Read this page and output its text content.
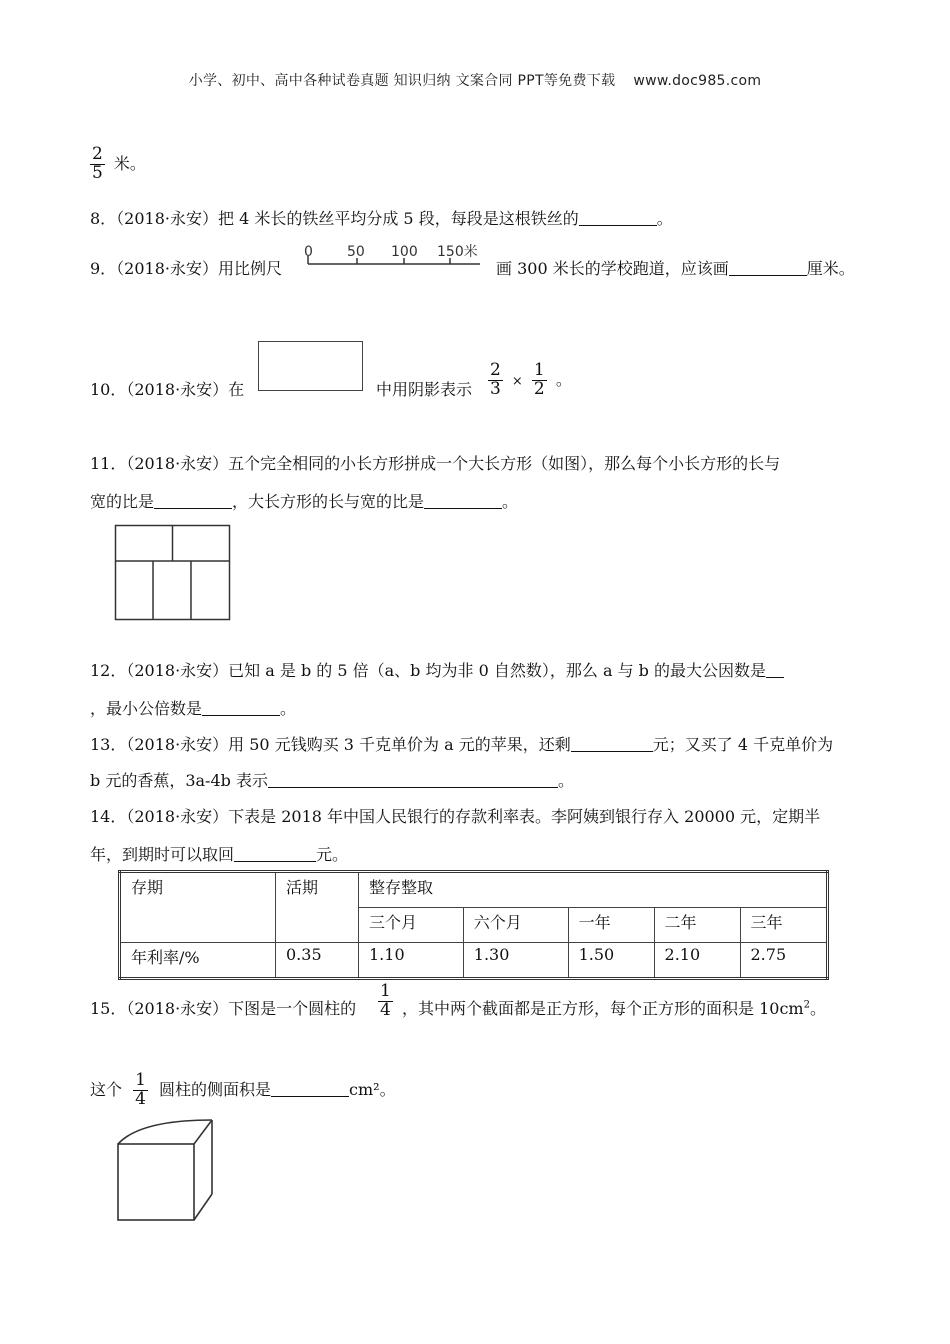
小学、初中、高中各种试卷真题 知识归纳 文案合同 PPT等免费下载 www.doc985.com
$\frac{2}{5}$ 米。
8．（2018·永安）把 4 米长的铁丝平均分成 5 段，每段是这根铁丝的	。
9．（2018·永安）用比例尺
0 50 100 150米
画 300 米长的学校跑道，应该画	厘米。
10．（2018·永安）在	中用阴影表示 $\frac{2}{3} \times \frac{1}{2}$ 。
11．（2018·永安）五个完全相同的小长方形拼成一个大长方形（如图），那么每个小长方形的长与
宽的比是	，大长方形的长与宽的比是	。
12．（2018·永安）已知 a 是 b 的 5 倍（a、b 均为非 0 自然数），那么 a 与 b 的最大公因数是
，最小公倍数是	。
13．（2018·永安）用 50 元钱购买 3 千克单价为 a 元的苹果，还剩	元；又买了 4 千克单价为
b 元的香蕉，3a-4b 表示	。
14．（2018·永安）下表是 2018 年中国人民银行的存款利率表。李阿姨到银行存入 20000 元，定期半
年，到期时可以取回	元。
存期	活期	整存整取				
		三个月	六个月	一年	二年	三年
年利率/%	0.35	1.10	1.30	1.50	2.10	2.75
15．（2018·永安）下图是一个圆柱的 $\frac{1}{4}$ ，其中两个截面都是正方形，每个正方形的面积是 $10cm^2$。
这个 $\frac{1}{4}$ 圆柱的侧面积是	cm²。
